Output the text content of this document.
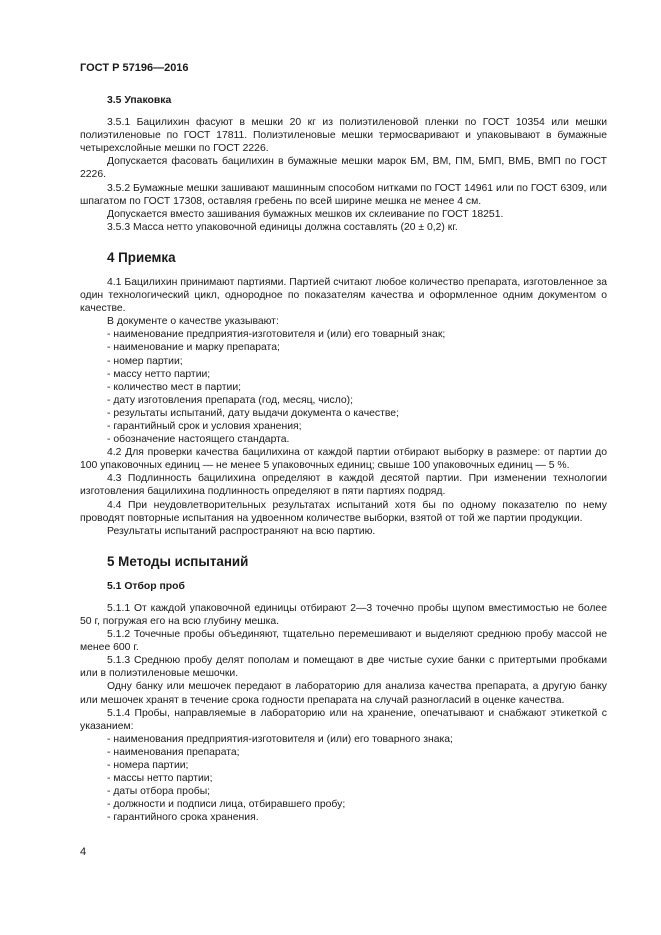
ГОСТ Р 57196—2016
3.5 Упаковка

3.5.1 Бацилихин фасуют в мешки 20 кг из полиэтиленовой пленки по ГОСТ 10354 или мешки полиэтиленовые по ГОСТ 17811. Полиэтиленовые мешки термосваривают и упаковывают в бумажные четырехслойные мешки по ГОСТ 2226.

Допускается фасовать бацилихин в бумажные мешки марок БМ, ВМ, ПМ, БМП, ВМБ, ВМП по ГОСТ 2226.

3.5.2 Бумажные мешки зашивают машинным способом нитками по ГОСТ 14961 или по ГОСТ 6309, или шпагатом по ГОСТ 17308, оставляя гребень по всей ширине мешка не менее 4 см.

Допускается вместо зашивания бумажных мешков их склеивание по ГОСТ 18251.

3.5.3 Масса нетто упаковочной единицы должна составлять (20 ± 0,2) кг.

4 Приемка

4.1 Бацилихин принимают партиями. Партией считают любое количество препарата, изготовленное за один технологический цикл, однородное по показателям качества и оформленное одним документом о качестве.

В документе о качестве указывают:

- наименование предприятия-изготовителя и (или) его товарный знак;

- наименование и марку препарата;

- номер партии;

- массу нетто партии;

- количество мест в партии;

- дату изготовления препарата (год, месяц, число);

- результаты испытаний, дату выдачи документа о качестве;

- гарантийный срок и условия хранения;

- обозначение настоящего стандарта.

4.2 Для проверки качества бацилихина от каждой партии отбирают выборку в размере: от партии до 100 упаковочных единиц — не менее 5 упаковочных единиц; свыше 100 упаковочных единиц — 5 %.

4.3 Подлинность бацилихина определяют в каждой десятой партии. При изменении технологии изготовления бацилихина подлинность определяют в пяти партиях подряд.

4.4 При неудовлетворительных результатах испытаний хотя бы по одному показателю по нему проводят повторные испытания на удвоенном количестве выборки, взятой от той же партии продукции.

Результаты испытаний распространяют на всю партию.

5 Методы испытаний
5.1 Отбор проб

5.1.1 От каждой упаковочной единицы отбирают 2—3 точечно пробы щупом вместимостью не более 50 г, погружая его на всю глубину мешка.

5.1.2 Точечные пробы объединяют, тщательно перемешивают и выделяют среднюю пробу массой не менее 600 г.

5.1.3 Среднюю пробу делят пополам и помещают в две чистые сухие банки с притертыми пробками или в полиэтиленовые мешочки.

Одну банку или мешочек передают в лабораторию для анализа качества препарата, а другую банку или мешочек хранят в течение срока годности препарата на случай разногласий в оценке качества.

5.1.4 Пробы, направляемые в лабораторию или на хранение, опечатывают и снабжают этикеткой с указанием:

- наименования предприятия-изготовителя и (или) его товарного знака;

- наименования препарата;

- номера партии;

- массы нетто партии;

- даты отбора пробы;

- должности и подписи лица, отбиравшего пробу;

- гарантийного срока хранения.

4
